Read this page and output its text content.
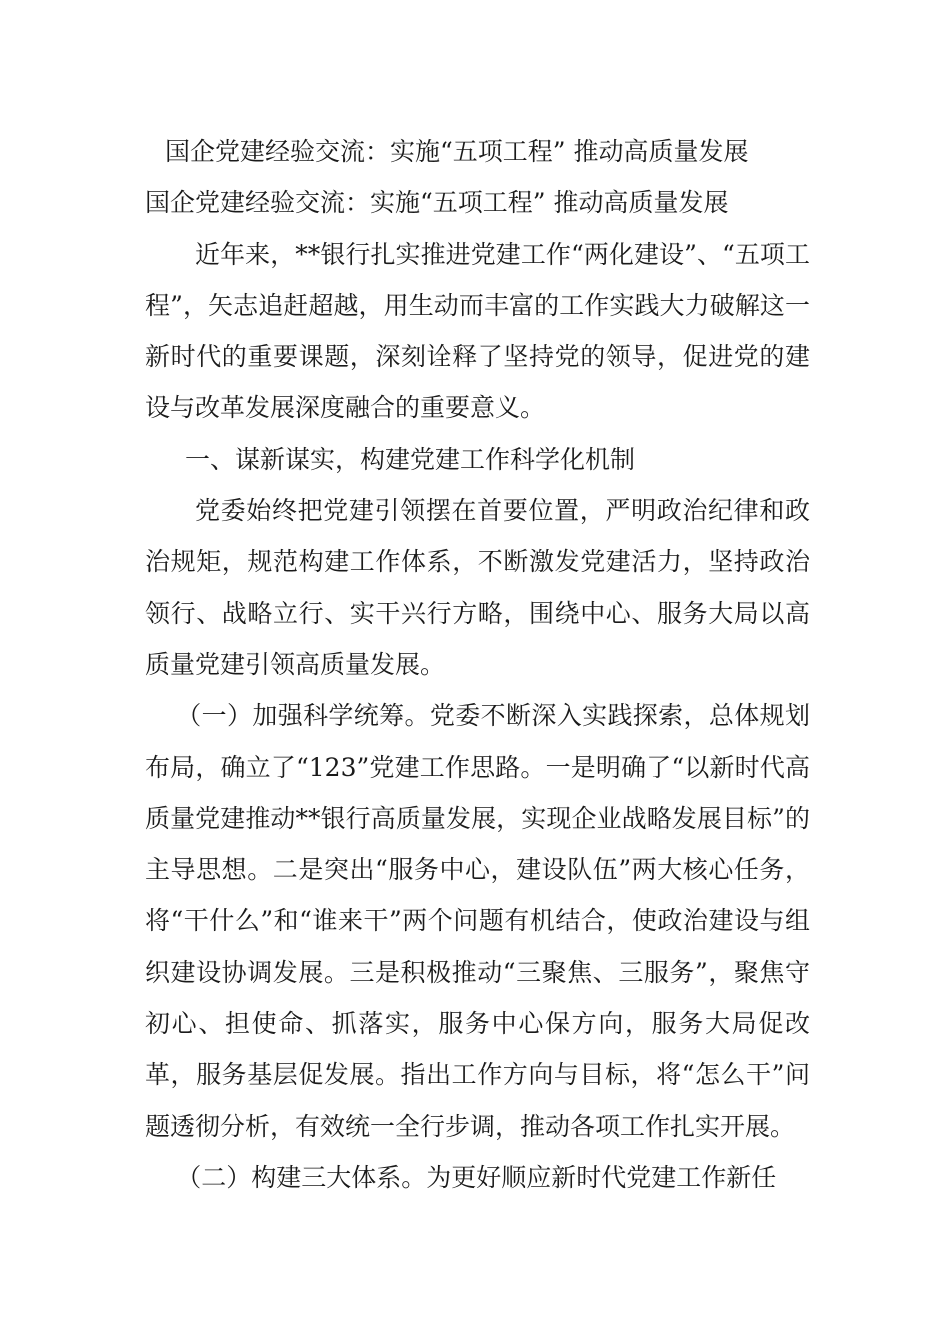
国企党建经验交流：实施“五项工程” 推动高质量发展

国企党建经验交流：实施“五项工程” 推动高质量发展

近年来，**银行扎实推进党建工作“两化建设”、“五项工程”，矢志追赶超越，用生动而丰富的工作实践大力破解这一新时代的重要课题，深刻诠释了坚持党的领导，促进党的建设与改革发展深度融合的重要意义。

一、谋新谋实，构建党建工作科学化机制

党委始终把党建引领摆在首要位置，严明政治纪律和政治规矩，规范构建工作体系，不断激发党建活力，坚持政治领行、战略立行、实干兴行方略，围绕中心、服务大局以高质量党建引领高质量发展。

（一）加强科学统筹。党委不断深入实践探索，总体规划布局，确立了“123”党建工作思路。一是明确了“以新时代高质量党建推动**银行高质量发展，实现企业战略发展目标”的主导思想。二是突出“服务中心，建设队伍”两大核心任务，将“干什么”和“谁来干”两个问题有机结合，使政治建设与组织建设协调发展。三是积极推动“三聚焦、三服务”，聚焦守初心、担使命、抓落实，服务中心保方向，服务大局促改革，服务基层促发展。指出工作方向与目标，将“怎么干”问题透彻分析，有效统一全行步调，推动各项工作扎实开展。

（二）构建三大体系。为更好顺应新时代党建工作新任
